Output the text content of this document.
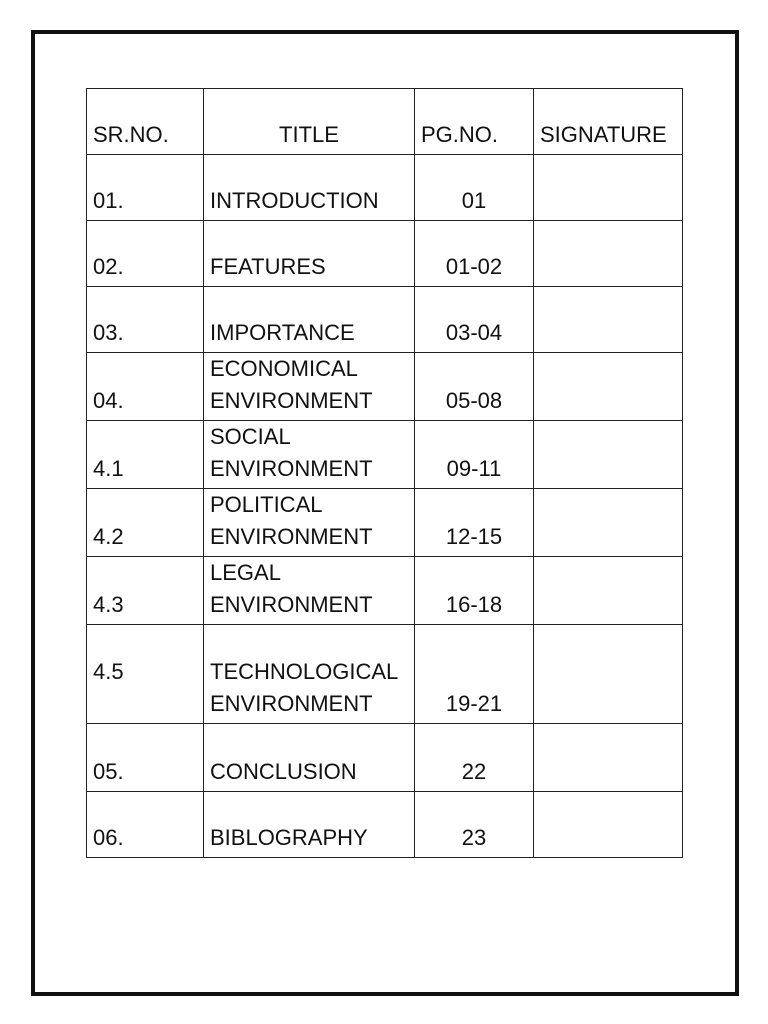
SR.NO.	TITLE	PG.NO.	SIGNATURE
01.	INTRODUCTION	01	
02.	FEATURES	01-02	
03.	IMPORTANCE	03-04	
04.	ECONOMICAL
ENVIRONMENT	05-08	
4.1	SOCIAL
ENVIRONMENT	09-11	
4.2	POLITICAL
ENVIRONMENT	12-15	
4.3	LEGAL
ENVIRONMENT	16-18	
4.5	TECHNOLOGICAL
ENVIRONMENT	19-21	
05.	CONCLUSION	22	
06.	BIBLOGRAPHY	23	
